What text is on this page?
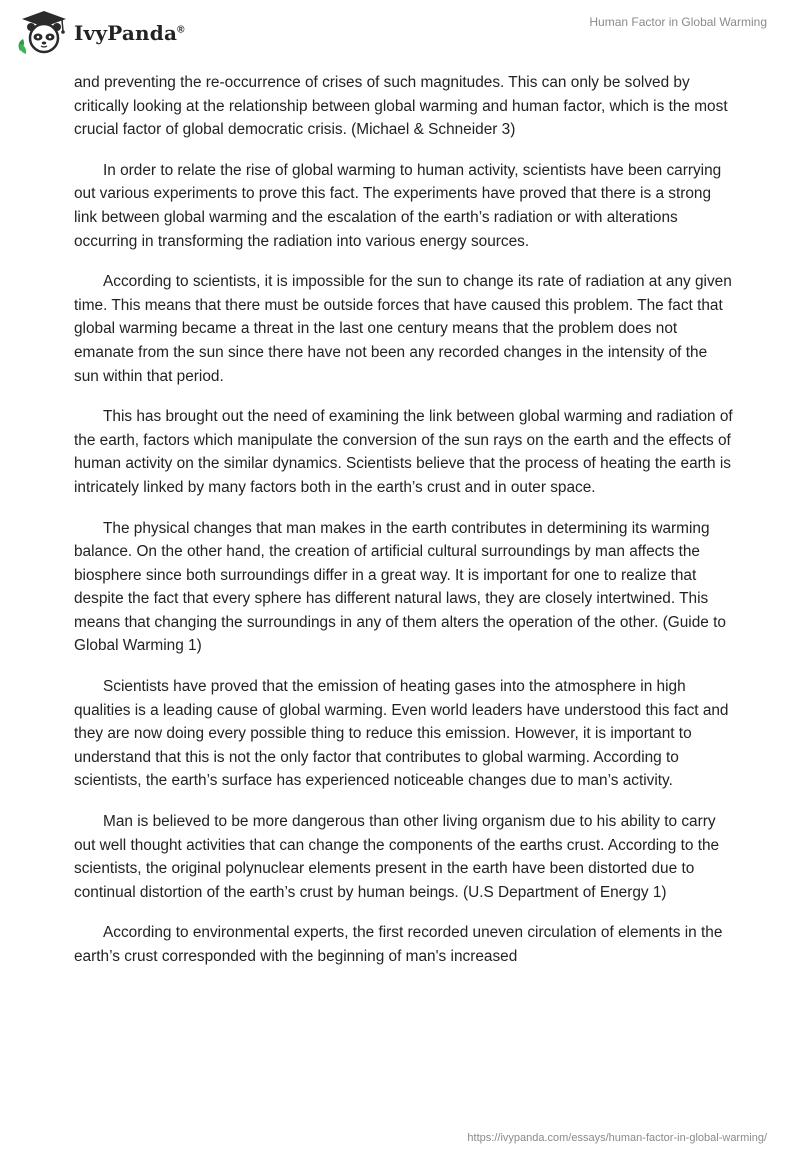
IvyPanda®
Human Factor in Global Warming

and preventing the re-occurrence of crises of such magnitudes. This can only be solved by critically looking at the relationship between global warming and human factor, which is the most crucial factor of global democratic crisis. (Michael & Schneider 3)

In order to relate the rise of global warming to human activity, scientists have been carrying out various experiments to prove this fact. The experiments have proved that there is a strong link between global warming and the escalation of the earth’s radiation or with alterations occurring in transforming the radiation into various energy sources.

According to scientists, it is impossible for the sun to change its rate of radiation at any given time. This means that there must be outside forces that have caused this problem. The fact that global warming became a threat in the last one century means that the problem does not emanate from the sun since there have not been any recorded changes in the intensity of the sun within that period.

This has brought out the need of examining the link between global warming and radiation of the earth, factors which manipulate the conversion of the sun rays on the earth and the effects of human activity on the similar dynamics. Scientists believe that the process of heating the earth is intricately linked by many factors both in the earth’s crust and in outer space.

The physical changes that man makes in the earth contributes in determining its warming balance. On the other hand, the creation of artificial cultural surroundings by man affects the biosphere since both surroundings differ in a great way. It is important for one to realize that despite the fact that every sphere has different natural laws, they are closely intertwined. This means that changing the surroundings in any of them alters the operation of the other. (Guide to Global Warming 1)

Scientists have proved that the emission of heating gases into the atmosphere in high qualities is a leading cause of global warming. Even world leaders have understood this fact and they are now doing every possible thing to reduce this emission. However, it is important to understand that this is not the only factor that contributes to global warming. According to scientists, the earth’s surface has experienced noticeable changes due to man’s activity.

Man is believed to be more dangerous than other living organism due to his ability to carry out well thought activities that can change the components of the earths crust. According to the scientists, the original polynuclear elements present in the earth have been distorted due to continual distortion of the earth’s crust by human beings. (U.S Department of Energy 1)

According to environmental experts, the first recorded uneven circulation of elements in the earth’s crust corresponded with the beginning of man's increased

https://ivypanda.com/essays/human-factor-in-global-warming/
